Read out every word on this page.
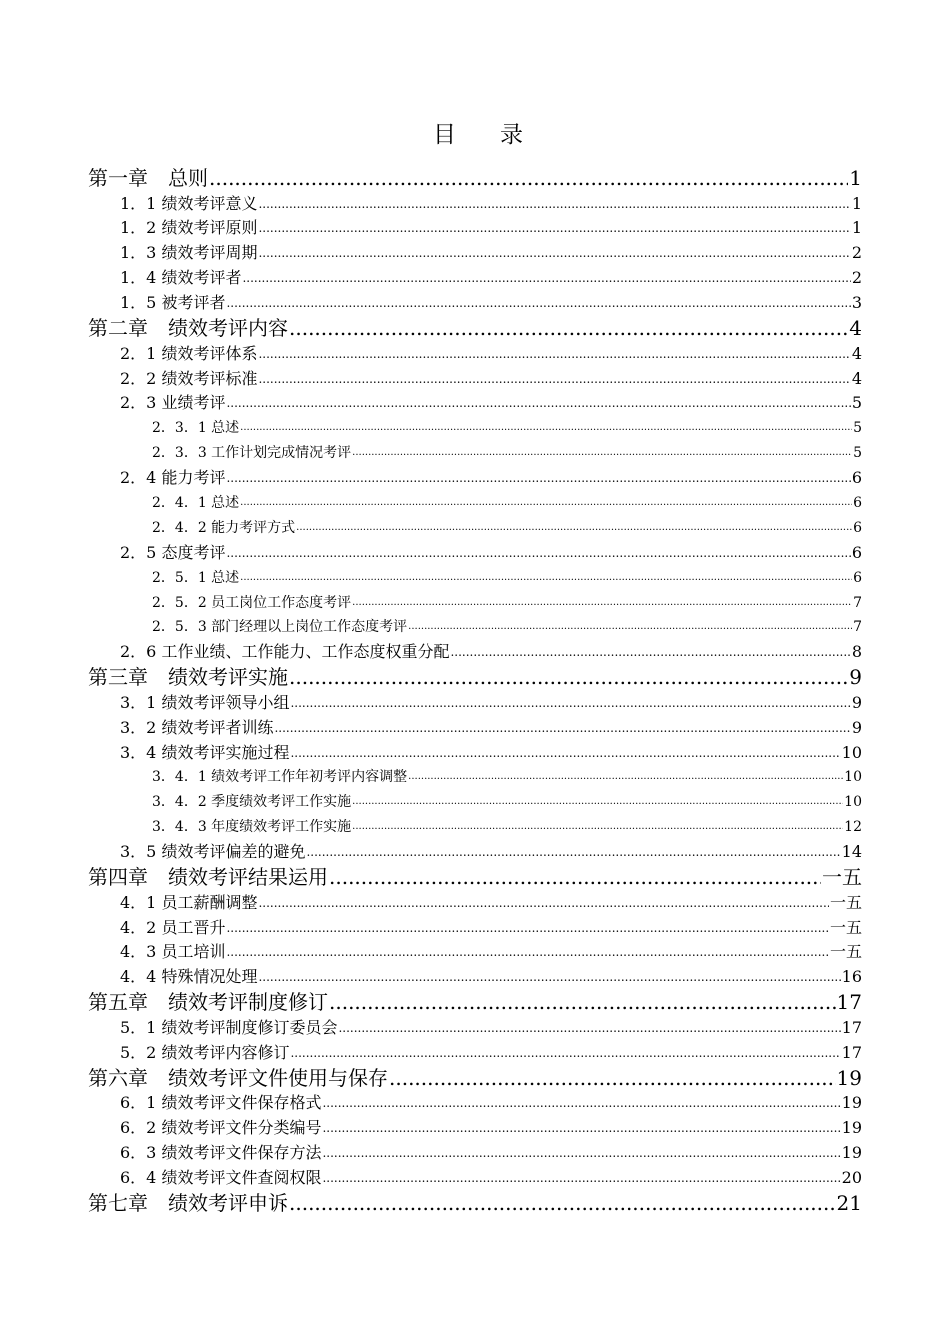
目 录
第一章　总则 .....	1
1．1 绩效考评意义 .....	1
1．2 绩效考评原则 .....	1
1．3 绩效考评周期 .....	2
1．4 绩效考评者 .....	2
1．5 被考评者 .....	3
第二章　绩效考评内容 .....	4
2．1 绩效考评体系 .....	4
2．2 绩效考评标准 .....	4
2．3 业绩考评 .....	5
2．3．1 总述 .....	5
2．3．3 工作计划完成情况考评 .....	5
2．4 能力考评 .....	6
2．4．1 总述 .....	6
2．4．2 能力考评方式 .....	6
2．5 态度考评 .....	6
2．5．1 总述 .....	6
2．5．2 员工岗位工作态度考评 .....	7
2．5．3 部门经理以上岗位工作态度考评 .....	7
2．6 工作业绩、工作能力、工作态度权重分配 .....	8
第三章　绩效考评实施 .....	9
3．1 绩效考评领导小组 .....	9
3．2 绩效考评者训练 .....	9
3．4 绩效考评实施过程 .....	10
3．4．1 绩效考评工作年初考评内容调整 .....	10
3．4．2 季度绩效考评工作实施 .....	10
3．4．3 年度绩效考评工作实施 .....	12
3．5 绩效考评偏差的避免 .....	14
第四章　绩效考评结果运用 .....	一五
4．1 员工薪酬调整 .....	一五
4．2 员工晋升 .....	一五
4．3 员工培训 .....	一五
4．4 特殊情况处理 .....	16
第五章　绩效考评制度修订 .....	17
5．1 绩效考评制度修订委员会 .....	17
5．2 绩效考评内容修订 .....	17
第六章　绩效考评文件使用与保存 .....	19
6．1 绩效考评文件保存格式 .....	19
6．2 绩效考评文件分类编号 .....	19
6．3 绩效考评文件保存方法 .....	19
6．4 绩效考评文件查阅权限 .....	20
第七章　绩效考评申诉 .....	21
